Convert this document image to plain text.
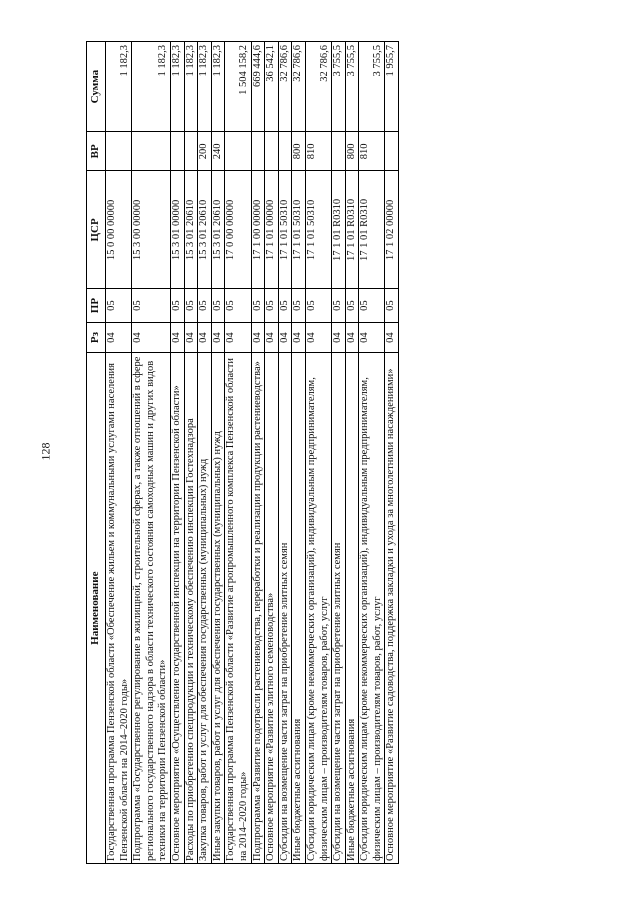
128
Наименование	Рз	ПР	ЦСР	ВР	Сумма
Государственная программа Пензенской области «Обеспечение жильем и коммунальными услугами населения Пензенской области на 2014–2020 годы»	04	05	15 0 00 00000		1 182,3
Подпрограмма «Государственное регулирование в жилищной, строительной сферах, а также отношений в сфере регионального государственного надзора в области технического состояния самоходных машин и других видов техники на территории Пензенской области»	04	05	15 3 00 00000		1 182,3
Основное мероприятие «Осуществление государственной инспекции на территории Пензенской области»	04	05	15 3 01 00000		1 182,3
Расходы по приобретению спецпродукции и техническому обеспечению инспекции Гостехнадзора	04	05	15 3 01 20610		1 182,3
Закупка товаров, работ и услуг для обеспечения государственных (муниципальных) нужд	04	05	15 3 01 20610	200	1 182,3
Иные закупки товаров, работ и услуг для обеспечения государственных (муниципальных) нужд	04	05	15 3 01 20610	240	1 182,3
Государственная программа Пензенской области «Развитие агропромышленного комплекса Пензенской области на 2014–2020 годы»	04	05	17 0 00 00000		1 504 158,2
Подпрограмма «Развитие подотрасли растениеводства, переработки и реализации продукции растениеводства»	04	05	17 1 00 00000		669 444,6
Основное мероприятие «Развитие элитного семеноводства»	04	05	17 1 01 00000		36 542,1
Субсидии на возмещение части затрат на приобретение элитных семян	04	05	17 1 01 50310		32 786,6
Иные бюджетные ассигнования	04	05	17 1 01 50310	800	32 786,6
Субсидии юридическим лицам (кроме некоммерческих организаций), индивидуальным предпринимателям, физическим лицам – производителям товаров, работ, услуг	04	05	17 1 01 50310	810	32 786,6
Субсидии на возмещение части затрат на приобретение элитных семян	04	05	17 1 01 R0310		3 755,5
Иные бюджетные ассигнования	04	05	17 1 01 R0310	800	3 755,5
Субсидии юридическим лицам (кроме некоммерческих организаций), индивидуальным предпринимателям, физическим лицам – производителям товаров, работ, услуг	04	05	17 1 01 R0310	810	3 755,5
Основное мероприятие «Развитие садоводства, поддержка закладки и ухода за многолетними насаждениями»	04	05	17 1 02 00000		1 955,7
